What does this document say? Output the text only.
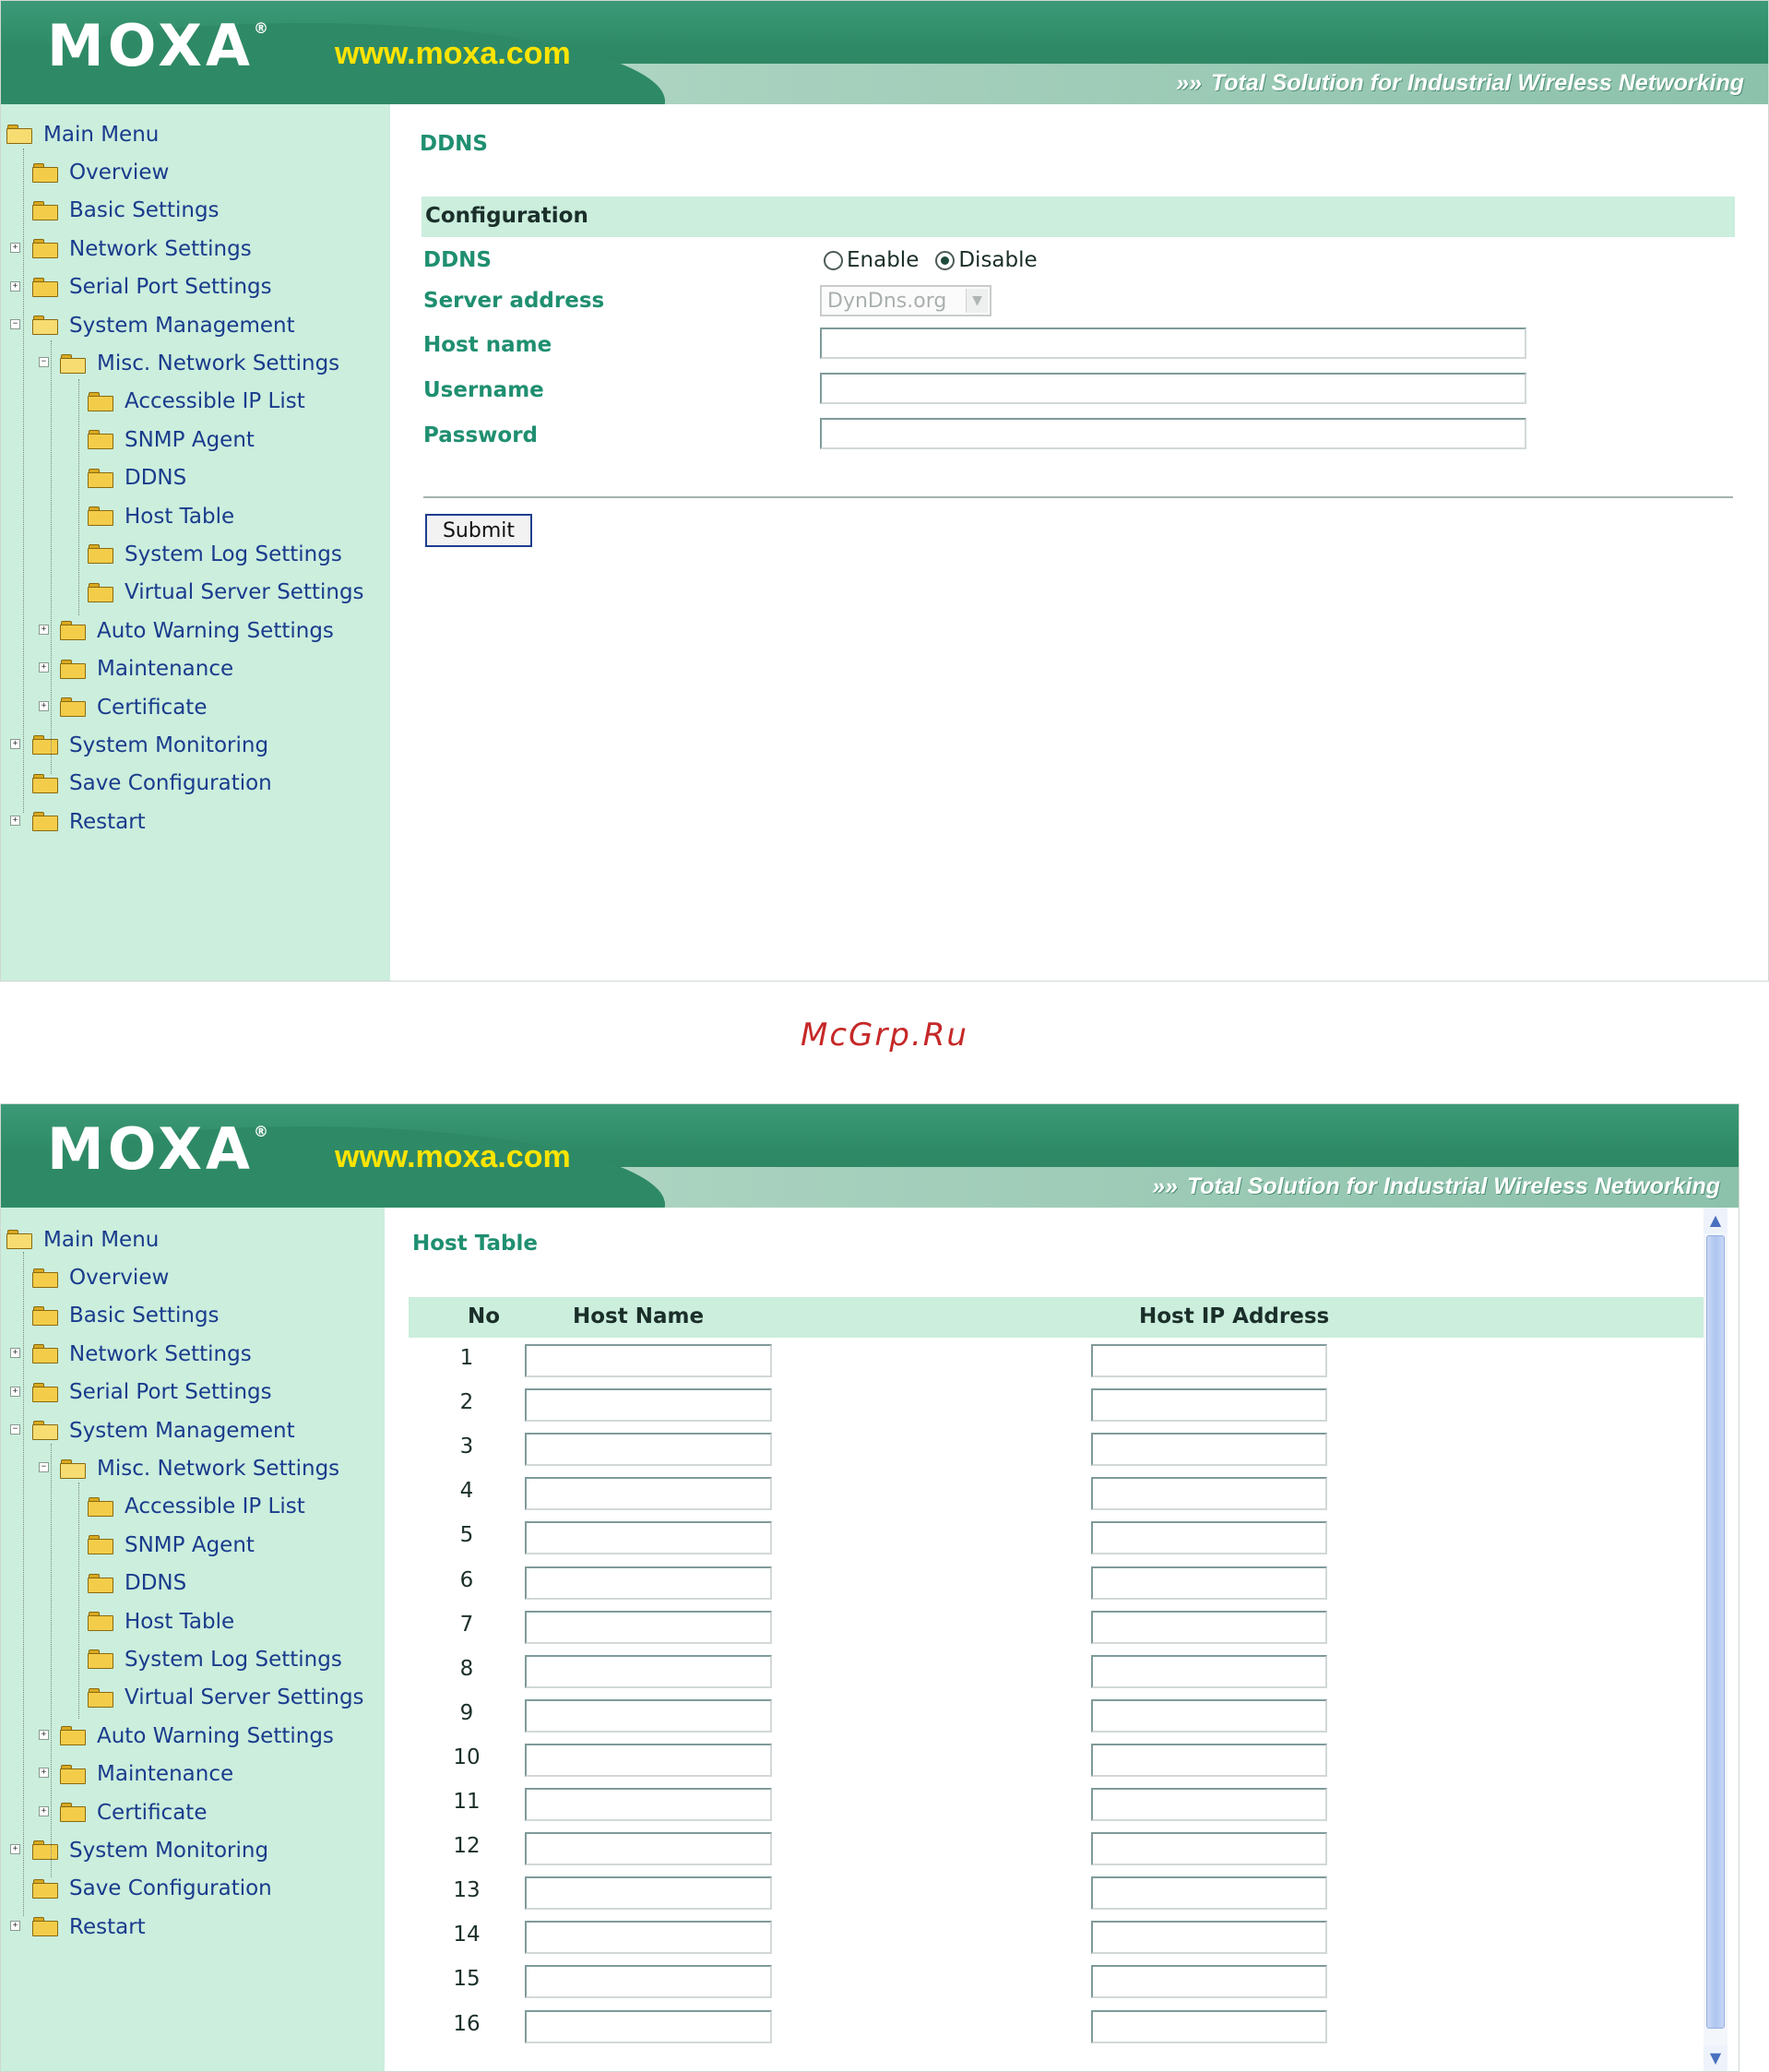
MOXA®
www.moxa.com
»» Total Solution for Industrial Wireless Networking
Main Menu
Overview
Basic Settings
+ Network Settings
+ Serial Port Settings
− System Management
− Misc. Network Settings
Accessible IP List
SNMP Agent
DDNS
Host Table
System Log Settings
Virtual Server Settings
+ Auto Warning Settings
+ Maintenance
+ Certificate
+ System Monitoring
Save Configuration
+ Restart
DDNS
Configuration
DDNS	Enable Disable
Server address	DynDns.org	▼
Host name
Username
Password
Submit
McGrp.Ru
MOXA®
www.moxa.com
»» Total Solution for Industrial Wireless Networking
Main Menu
Overview
Basic Settings
+ Network Settings
+ Serial Port Settings
− System Management
− Misc. Network Settings
Accessible IP List
SNMP Agent
DDNS
Host Table
System Log Settings
Virtual Server Settings
+ Auto Warning Settings
+ Maintenance
+ Certificate
+ System Monitoring
Save Configuration
+ Restart
Host Table
No	Host Name	Host IP Address
1
2
3
4
5
6
7
8
9
10
11
12
13
14
15
16
▲
▼
